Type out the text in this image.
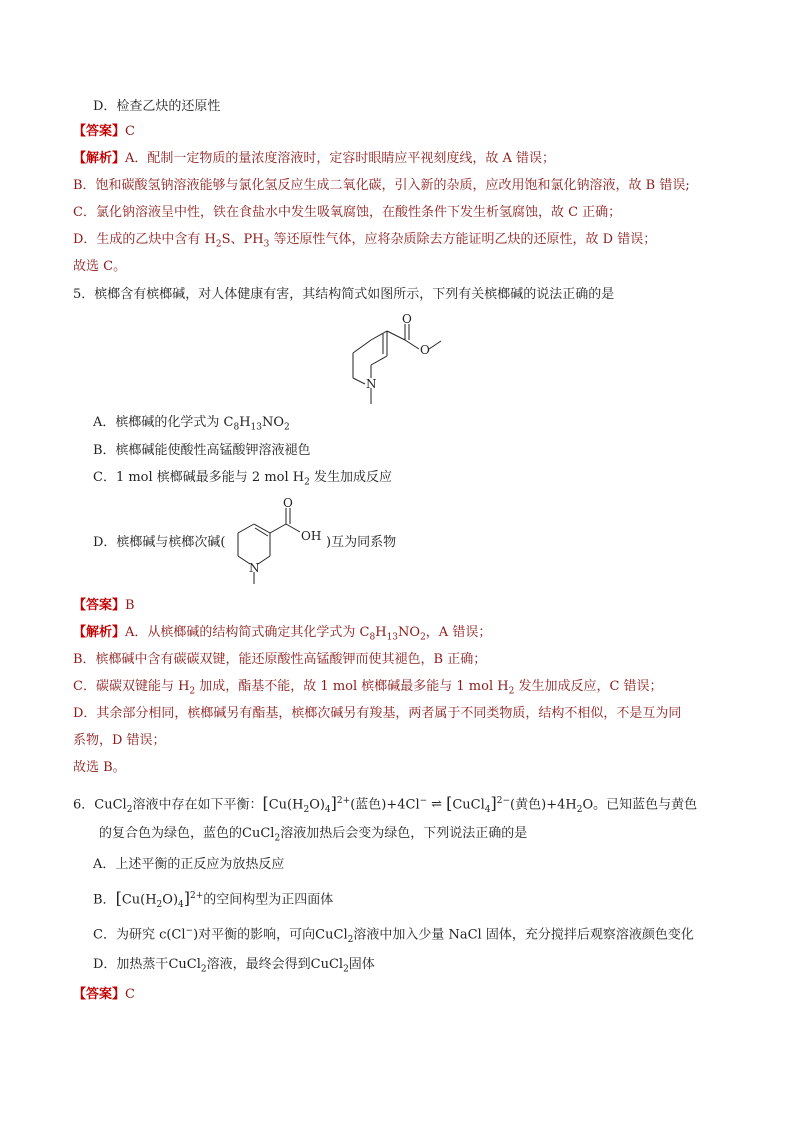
D．检查乙炔的还原性
【答案】C
【解析】A．配制一定物质的量浓度溶液时，定容时眼睛应平视刻度线，故 A 错误；
B．饱和碳酸氢钠溶液能够与氯化氢反应生成二氧化碳，引入新的杂质，应改用饱和氯化钠溶液，故 B 错误;
C．氯化钠溶液呈中性，铁在食盐水中发生吸氧腐蚀，在酸性条件下发生析氢腐蚀，故 C 正确；
D．生成的乙炔中含有 $H_2S$、$PH_3$ 等还原性气体，应将杂质除去方能证明乙炔的还原性，故 D 错误；
故选 C。
5．槟榔含有槟榔碱，对人体健康有害，其结构简式如图所示，下列有关槟榔碱的说法正确的是
O
O
N
A．槟榔碱的化学式为 $C_8H_{13}NO_2$
B．槟榔碱能使酸性高锰酸钾溶液褪色
C．1 mol 槟榔碱最多能与 2 mol $H_2$ 发生加成反应
D．槟榔碱与槟榔次碱(
O
OH
N
)互为同系物
【答案】B
【解析】A．从槟榔碱的结构简式确定其化学式为 $C_8H_{13}NO_2$，A 错误；
B．槟榔碱中含有碳碳双键，能还原酸性高锰酸钾而使其褪色，B 正确；
C．碳碳双键能与 $H_2$ 加成，酯基不能，故 1 mol 槟榔碱最多能与 1 mol $H_2$ 发生加成反应，C 错误；
D．其余部分相同，槟榔碱另有酯基，槟榔次碱另有羧基，两者属于不同类物质，结构不相似，不是互为同
系物，D 错误；
故选 B。
6．CuCl$_2$溶液中存在如下平衡：$[Cu(H_2O)_4]^{2+}$(蓝色)+4Cl− ⇌ [CuCl$_4$]$^{2-}$(黄色)$+4H_2O$。已知蓝色与黄色
的复合色为绿色，蓝色的CuCl$_2$溶液加热后会变为绿色，下列说法正确的是
A．上述平衡的正反应为放热反应
B．$[Cu(H_2O)_4]^{2+}$的空间构型为正四面体
C．为研究 c(Cl−)对平衡的影响，可向CuCl$_2$溶液中加入少量 NaCl 固体，充分搅拌后观察溶液颜色变化
D．加热蒸干CuCl$_2$溶液，最终会得到CuCl$_2$固体
【答案】C
